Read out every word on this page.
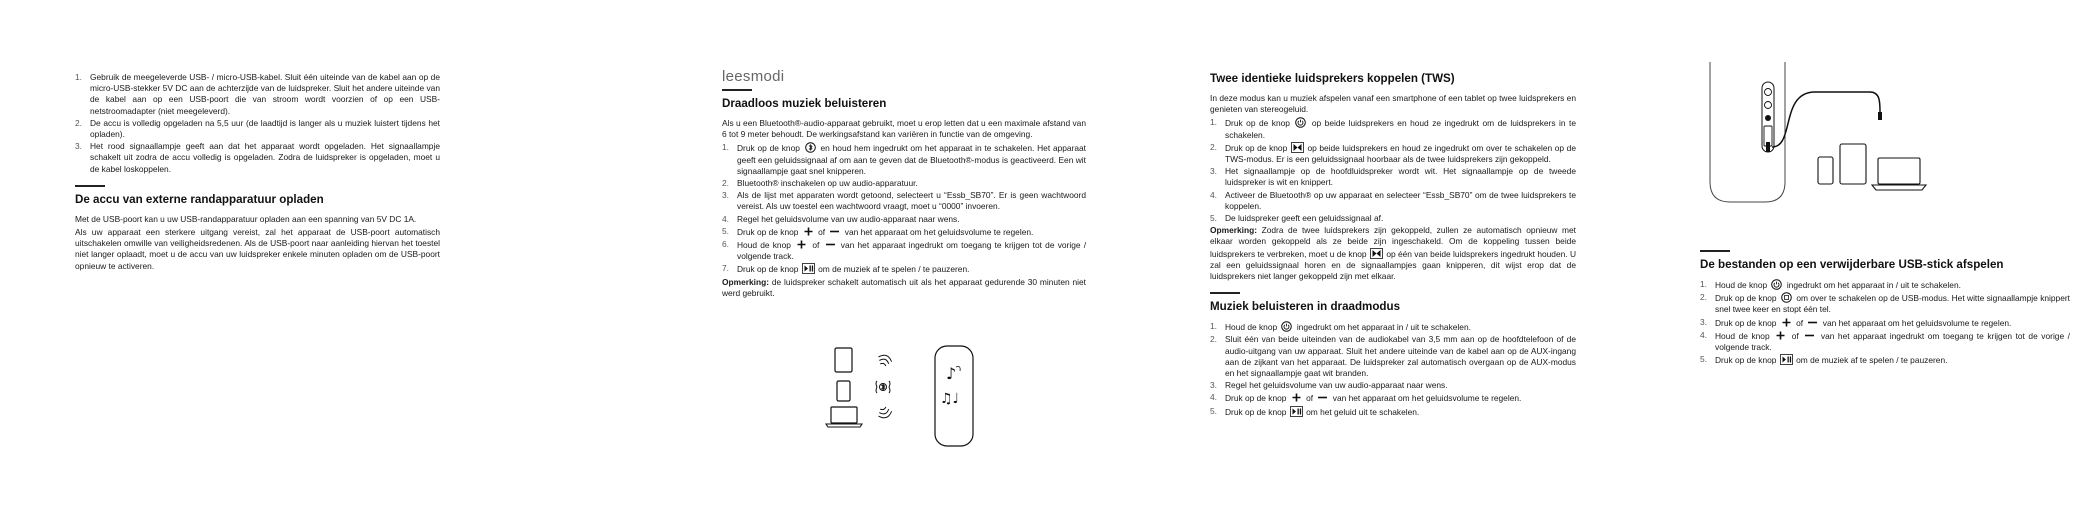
1. Gebruik de meegeleverde USB- / micro-USB-kabel. Sluit één uiteinde van de kabel aan op de micro-USB-stekker 5V DC aan de achterzijde van de luidspreker. Sluit het andere uiteinde van de kabel aan op een USB-poort die van stroom wordt voorzien of op een USB-netstroomadapter (niet meegeleverd).
2. De accu is volledig opgeladen na 5,5 uur (de laadtijd is langer als u muziek luistert tijdens het opladen).
3. Het rood signaallampje geeft aan dat het apparaat wordt opgeladen. Het signaallampje schakelt uit zodra de accu volledig is opgeladen. Zodra de luidspreker is opgeladen, moet u de kabel loskoppelen.
De accu van externe randapparatuur opladen

Met de USB-poort kan u uw USB-randapparatuur opladen aan een spanning van 5V DC 1A.

Als uw apparaat een sterkere uitgang vereist, zal het apparaat de USB-poort automatisch uitschakelen omwille van veiligheidsredenen. Als de USB-poort naar aanleiding hiervan het toestel niet langer oplaadt, moet u de accu van uw luidspreker enkele minuten opladen om de USB-poort opnieuw te activeren.

leesmodi
Draadloos muziek beluisteren

Als u een Bluetooth®-audio-apparaat gebruikt, moet u erop letten dat u een maximale afstand van 6 tot 9 meter behoudt. De werkingsafstand kan variëren in functie van de omgeving.

1. Druk op de knop en houd hem ingedrukt om het apparaat in te schakelen. Het apparaat geeft een geluidssignaal af om aan te geven dat de Bluetooth®-modus is geactiveerd. Een wit signaallampje gaat snel knipperen.
2. Bluetooth® inschakelen op uw audio-apparatuur.
3. Als de lijst met apparaten wordt getoond, selecteert u “Essb_SB70”. Er is geen wachtwoord vereist. Als uw toestel een wachtwoord vraagt, moet u “0000” invoeren.
4. Regel het geluidsvolume van uw audio-apparaat naar wens.
5. Druk op de knop of van het apparaat om het geluidsvolume te regelen.
6. Houd de knop	of	van het apparaat ingedrukt om toegang te krijgen tot de vorige / volgende track.
7. Druk op de knop om de muziek af te spelen / te pauzeren.

Opmerking: de luidspreker schakelt automatisch uit als het apparaat gedurende 30 minuten niet werd gebruikt.

♪
♫♩
Twee identieke luidsprekers koppelen (TWS)

In deze modus kan u muziek afspelen vanaf een smartphone of een tablet op twee luidsprekers en genieten van stereogeluid.

1. Druk op de knop	op beide luidsprekers en houd ze ingedrukt om de luidsprekers in te schakelen.
2. Druk op de knop op beide luidsprekers en houd ze ingedrukt om over te schakelen op de TWS-modus. Er is een geluidssignaal hoorbaar als de twee luidsprekers zijn gekoppeld.
3. Het signaallampje op de hoofdluidspreker wordt wit. Het signaallampje op de tweede luidspreker is wit en knippert.
4. Activeer de Bluetooth® op uw apparaat en selecteer “Essb_SB70” om de twee luidsprekers te koppelen.
5. De luidspreker geeft een geluidssignaal af.

Opmerking: Zodra de twee luidsprekers zijn gekoppeld, zullen ze automatisch opnieuw met elkaar worden gekoppeld als ze beide zijn ingeschakeld. Om de koppeling tussen beide luidsprekers te verbreken, moet u de knop op één van beide luidsprekers ingedrukt houden. U zal een geluidssignaal horen en de signaallampjes gaan knipperen, dit wijst erop dat de luidsprekers niet langer gekoppeld zijn met elkaar.

Muziek beluisteren in draadmodus
1. Houd de knop ingedrukt om het apparaat in / uit te schakelen.
2. Sluit één van beide uiteinden van de audiokabel van 3,5 mm aan op de hoofdtelefoon of de audio-uitgang van uw apparaat. Sluit het andere uiteinde van de kabel aan op de AUX-ingang aan de zijkant van het apparaat. De luidspreker zal automatisch overgaan op de AUX-modus en het signaallampje gaat wit branden.
3. Regel het geluidsvolume van uw audio-apparaat naar wens.
4. Druk op de knop of van het apparaat om het geluidsvolume te regelen.
5. Druk op de knop om het geluid uit te schakelen.
De bestanden op een verwijderbare USB-stick afspelen
1. Houd de knop ingedrukt om het apparaat in / uit te schakelen.
2. Druk op de knop om over te schakelen op de USB-modus. Het witte signaallampje knippert snel twee keer en stopt één tel.
3. Druk op de knop of van het apparaat om het geluidsvolume te regelen.
4. Houd de knop	of	van het apparaat ingedrukt om toegang te krijgen tot de vorige / volgende track.
5. Druk op de knop om de muziek af te spelen / te pauzeren.
